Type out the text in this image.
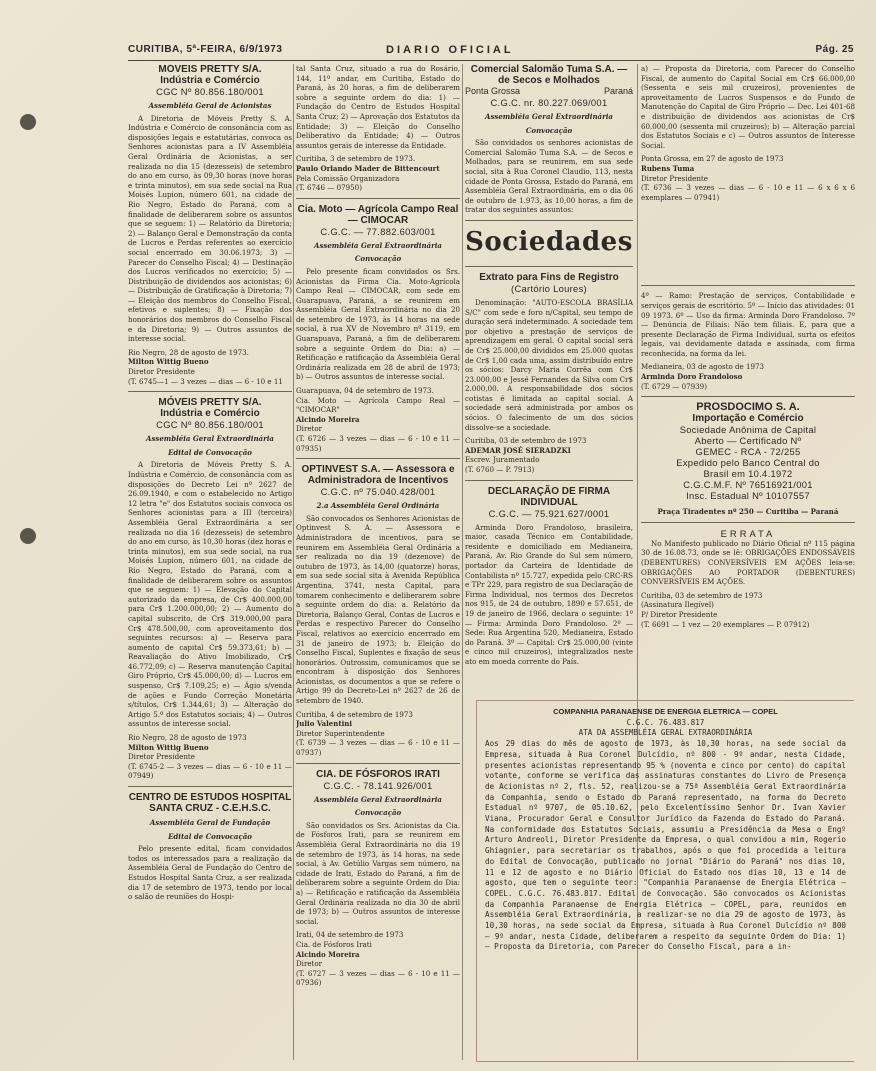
CURITIBA, 5ª-FEIRA, 6/9/1973	DIARIO OFICIAL	Pág. 25
MÓVEIS PRETTY S/A.
Indústria e Comércio
CGC Nº 80.856.180/001
Assembléia Geral de Acionistas
A Diretoria de Móveis Pretty S. A. Indústria e Comércio de consonância com as disposições legais e estatutárias, convoca os Senhores acionistas para a IV Assembléia Geral Ordinária de Acionistas, a ser realizada no dia 15 (dezesseis) de setembro do ano em curso, às 09,30 horas (nove horas e trinta minutos), em sua sede social na Rua Moisés Lupion, número 601, na cidade de Rio Negro, Estado do Paraná, com a finalidade de deliberarem sobre os assuntos que se seguem: 1) — Relatório da Diretoria; 2) — Balanço Geral e Demonstração da conta de Lucros e Perdas referentes ao exercício social encerrado em 30.06.1973; 3) — Parecer do Conselho Fiscal; 4) — Destinação dos Lucros verificados no exercício; 5) — Distribuição de dividendos aos acionistas; 6) — Distribuição de Gratificação à Diretoria; 7) — Eleição dos membros do Conselho Fiscal, efetivos e suplentes; 8) — Fixação dos honorários dos membros do Conselho Fiscal e da Diretoria; 9) — Outros assuntos de interesse social.
Rio Negro, 28 de agosto de 1973.
Milton Wittig Bueno
Diretor Presidente
(T. 6745—1 — 3 vezes — dias — 6 - 10 e 11
MÓVEIS PRETTY S/A.
Indústria e Comércio
CGC Nº 80.856.180/001
Assembléia Geral Extraordinária
Edital de Convocação
A Diretoria de Móveis Pretty S. A. Indústria e Comércio, de consonância com as disposições do Decreto Lei nº 2627 de 26.09.1940, e com o estabelecido no Artigo 12 letra "e" dos Estatutos sociais convoca os Senhores acionistas para a III (terceira) Assembléia Geral Extraordinária a ser realizada no dia 16 (dezesseis) de setembro do ano em curso, às 10,30 horas (dez horas e trinta minutos), em sua sede social, na rua Moisés Lupion, número 601, na cidade de Rio Negro, Estado do Paraná, com a finalidade de deliberarem sobre os assuntos que se seguem: 1) — Elevação do Capital autorizado da empresa, de Cr$ 400.000,00 para Cr$ 1.200.000,00; 2) — Aumento do capital subscrito, de Cr$ 319.000,00 para Cr$ 478.500,00, com aproveitamento dos seguintes recursos: a) — Reserva para aumento de capital Cr$ 59.373,61; b) — Reavaliação do Ativo Imobilizado, Cr$ 46.772,09; c) — Reserva manutenção Capital Giro Próprio, Cr$ 45.000,00; d) — Lucros em suspenso, Cr$ 7.109,25; e) — Ágio s/venda de ações e Fundo Correção Monetária s/títulos, Cr$ 1.344,61; 3) — Alteração do Artigo 5.º dos Estatutos sociais; 4) — Outros assuntos de interesse social.
Rio Negro, 28 de agosto de 1973
Milton Wittig Bueno
Diretor Presidente
(T. 6745-2 — 3 vezes — dias — 6 - 10 e 11 — 07949)
CENTRO DE ESTUDOS HOSPITAL SANTA CRUZ - C.E.H.S.C.
Assembléia Geral de Fundação
Edital de Convocação
Pelo presente edital, ficam convidados todos os interessados para a realização da Assembléia Geral de Fundação do Centro de Estudos Hospital Santa Cruz, a ser realizada dia 17 de setembro de 1973, tendo por local o salão de reuniões do Hospi-
tal Santa Cruz, situado a rua do Rosário, 144, 11º andar, em Curitiba, Estado do Paraná, às 20 horas, a fim de deliberarem sobre a seguinte ordem do dia: 1) — Fundação do Centro de Estudos Hospital Santa Cruz; 2) — Aprovação dos Estatutos da Entidade; 3) — Eleição do Conselho Deliberativo da Entidade; 4) — Outros assuntos gerais de interesse da Entidade.
Curitiba, 3 de setembro de 1973.
Paulo Orlando Mader de Bittencourt
Pela Comissão Organizadora
(T. 6746 — 07950)
Cia. Moto — Agrícola Campo Real — CIMOCAR
C.G.C. — 77.882.603/001
Assembléia Geral Extraordinária
Convocação
Pelo presente ficam convidados os Srs. Acionistas da Firma Cia. Moto-Agrícola Campo Real — CIMOCAR, com sede em Guarapuava, Paraná, a se reunirem em Assembléia Geral Extraordinária no dia 20 de setembro de 1973, às 14 horas na sede social, à rua XV de Novembro nº 3119, em Guarapuava, Paraná, a fim de deliberarem sobre a seguinte Ordem do Dia: a) — Retificação e ratificação da Assembléia Geral Ordinária realizada em 28 de abril de 1973; b) — Outros assuntos de interesse social.
Guarapuava, 04 de setembro de 1973.
Cia. Moto — Agrícola Campo Real — "CIMOCAR"
Alcindo Moreira
Diretor
(T. 6726 — 3 vezes — dias — 6 - 10 e 11 — 07935)
OPTINVEST S.A. — Assessora e Administradora de Incentivos
C.G.C. nº 75.040.428/001
2.a Assembléia Geral Ordinária
São convocados os Senhores Acionistas de Optinvest S. A. — Assessora e Administradora de incentivos, para se reunirem em Assembléia Geral Ordinária a ser realizada no dia 19 (dezenove) de outubro de 1973, às 14,00 (quatorze) horas, em sua sede social sita à Avenida República Argentina, 3741, nesta Capital, para tomarem conhecimento e deliberarem sobre a seguinte ordem do dia: a. Relatório da Diretoria, Balanço Geral, Contas de Lucros e Perdas e respectivo Parecer do Conselho Fiscal, relativos ao exercício encerrado em 31 de janeiro de 1973; b. Eleição do Conselho Fiscal, Suplentes e fixação de seus honorários. Outrossim, comunicamos que se encontram à disposição dos Senhores Acionistas, os documentos a que se refere o Artigo 99 do Decreto-Lei nº 2627 de 26 de setembro de 1940.
Curitiba, 4 de setembro de 1973
Julio Valentini
Diretor Superintendente
(T. 6739 — 3 vezes — dias — 6 - 10 e 11 — 07937)
CIA. DE FÓSFOROS IRATI
C.G.C. - 78.141.926/001
Assembléia Geral Extraordinária
Convocação
São convidados os Srs. Acionistas da Cia. de Fósforos Irati, para se reunirem em Assembléia Geral Extraordinária no dia 19 de setembro de 1973, às 14 horas, na sede social, à Av. Getúlio Vargas sem número, na cidade de Irati, Estado do Paraná, a fim de deliberarem sobre a seguinte Ordem do Dia: a) — Retificação e ratificação da Assembléia Geral Ordinária realizada no dia 30 de abril de 1973; b) — Outros assuntos de interesse social.
Irati, 04 de setembro de 1973
Cia. de Fósforos Irati
Alcindo Moreira
Diretor
(T. 6727 — 3 vezes — dias — 6 - 10 e 11 — 07936)
Comercial Salomão Tuma S.A. — de Secos e Molhados
Ponta Grossa	Paraná
C.G.C. nr. 80.227.069/001
Assembléia Geral Extraordinária
Convocação
São convidados os senhores acionistas de Comercial Salomão Tuma S.A. — de Secos e Molhados, para se reunirem, em sua sede social, sita à Rua Coronel Claudio, 113, nesta cidade de Ponta Grossa, Estado do Paraná, em Assembléia Geral Extraordinária, em o dia 06 de outubro de 1.973, às 10,00 horas, a fim de tratar dos seguintes assuntos:
Sociedades
Extrato para Fins de Registro
(Cartório Loures)
Denominação: "AUTO-ESCOLA BRASÍLIA S/C" com sede e foro n/Capital, seu tempo de duração será indeterminado. A sociedade tem por objetivo a prestação de serviços de aprendizagem em geral. O capital social será de Cr$ 25.000,00 divididos em 25.000 quotas de Cr$ 1,00 cada uma, assim distribuído entre os sócios: Darcy Maria Corrêa com Cr$ 23.000,00 e Jessé Fernandes da Silva com Cr$ 2.000,00. A responsabilidade dos sócios cotistas é limitada ao capital social. A sociedade será administrada por ambos os sócios. O falecimento de um dos sócios dissolve-se a sociedade.
Curitiba, 03 de setembro de 1973
ADEMAR JOSÉ SIERADZKI
Escrev. Juramentado
(T. 6760 — P. 7913)
DECLARAÇÃO DE FIRMA INDIVIDUAL
C.G.C. — 75.921.627/0001
Arminda Doro Frandoloso, brasileira, maior, casada Técnico em Contabilidade, residente e domiciliado em Medianeira, Paraná, Av. Rio Grande do Sul sem número, portador da Carteira de Identidade de Contabilista nº 15.727, expedida pelo CRC-RS e TPr 229, para registro de sua Declaração de Firma Individual, nos termos dos Decretos nos 915, de 24 de outubro, 1890 e 57.651, de 19 de janeiro de 1966, declara o seguinte: 1º — Firma: Arminda Doro Frandoloso. 2º — Sede: Rua Argentina 520, Medianeira, Estado do Paraná. 3º — Capital: Cr$ 25.000,00 (vinte e cinco mil cruzeiros), integralizados neste ato em moeda corrente do País.
a) — Proposta da Diretoria, com Parecer do Conselho Fiscal, de aumento do Capital Social em Cr$ 66.000,00 (Sessenta e seis mil cruzeiros), provenientes de aproveitamento de Lucros Suspensos e do Fundo de Manutenção do Capital de Giro Próprio — Dec. Lei 401-68 e distribuição de dividendos aos acionistas de Cr$ 60.000,00 (sessenta mil cruzeiros); b) — Alteração parcial dos Estatutos Sociais e c) — Outros assuntos de Interesse Social.
Ponta Grossa, em 27 de agosto de 1973
Rubens Tuma
Diretor Presidente
(T. 6736 — 3 vezes — dias — 6 - 10 e 11 — 6 x 6 x 6 exemplares — 07941)
4º — Ramo: Prestação de serviços, Contabilidade e serviços gerais de escritório. 5º — Início das atividades: 01 09 1973. 6º — Uso da firma: Arminda Doro Frandoloso. 7º — Denúncia de Filiais: Não tem filiais. E, para que a presente Declaração de Firma Individual, surta os efeitos legais, vai devidamente datada e assinada, com firma reconhecida, na forma da lei.
Medianeira, 03 de agosto de 1973
Arminda Doro Frandoloso
(T. 6729 — 07939)
PROSDOCIMO S. A.
Importação e Comércio
Sociedade Anônima de Capital
Aberto — Certificado Nº
GEMEC - RCA - 72/255
Expedido pelo Banco Central do
Brasil em 10.4.1972
C.G.C.M.F. Nº 76516921/001
Insc. Estadual Nº 10107557
Praça Tiradentes nº 250 — Curitiba — Paraná
ERRATA
No Manifesto publicado no Diário Oficial nº 115 página 30 de 16.08.73, onde se lê: OBRIGAÇÕES ENDOSSÁVEIS (DEBENTURES) CONVERSÍVEIS EM AÇÕES leia-se: OBRIGAÇÕES AO PORTADOR (DEBENTURES) CONVERSÍVEIS EM AÇÕES.
Curitiba, 03 de setembro de 1973
(Assinatura Ilegível)
P/ Diretor Presidente
(T. 6691 — 1 vez — 20 exemplares — P. 07912)
COMPANHIA PARANAENSE DE ENERGIA ELETRICA — COPEL
C.G.C. 76.483.817
ATA DA ASSEMBLÉIA GERAL EXTRAORDINÁRIA
Aos 29 dias do mês de agosto de 1973, às 10,30 horas, na sede social da Empresa, situada à Rua Coronel Dulcídio, nº 800 - 9º andar, nesta Cidade, presentes acionistas representando 95 % (noventa e cinco por cento) do capital votante, conforme se verifica das assinaturas constantes do Livro de Presença de Acionistas nº 2, fls. 52, realizou-se a 75ª Assembléia Geral Extraordinária da Companhia, sendo o Estado do Paraná representado, na forma do Decreto Estadual nº 9707, de 05.10.62, pelo Excelentíssimo Senhor Dr. Ivan Xavier Viana, Procurador Geral e Consultor Jurídico da Fazenda do Estado do Paraná. Na conformidade dos Estatutos Sociais, assumiu a Presidência da Mesa o Engº Arturo Andreoli, Diretor Presidente da Empresa, o qual convidou a mim, Rogerio Ghiagnier, para secretariar os trabalhos, após o que foi procedida a leitura do Edital de Convocação, publicado no jornal "Diário do Paraná" nos dias 10, 11 e 12 de agosto e no Diário Oficial do Estado nos dias 10, 13 e 14 de agosto, que tem o seguinte teor: "Companhia Paranaense de Energia Elétrica — COPEL. C.G.C. 76.483.817. Edital de Convocação. São convocados os Acionistas da Companhia Paranaense de Energia Elétrica — COPEL, para, reunidos em Assembléia Geral Extraordinária, a realizar-se no dia 29 de agosto de 1973, às 10,30 horas, na sede social da Empresa, situada à Rua Coronel Dulcídio nº 800 — 9º andar, nesta Cidade, deliberarem a respeito da seguinte Ordem do Dia: 1) — Proposta da Diretoria, com Parecer do Conselho Fiscal, para a in-
